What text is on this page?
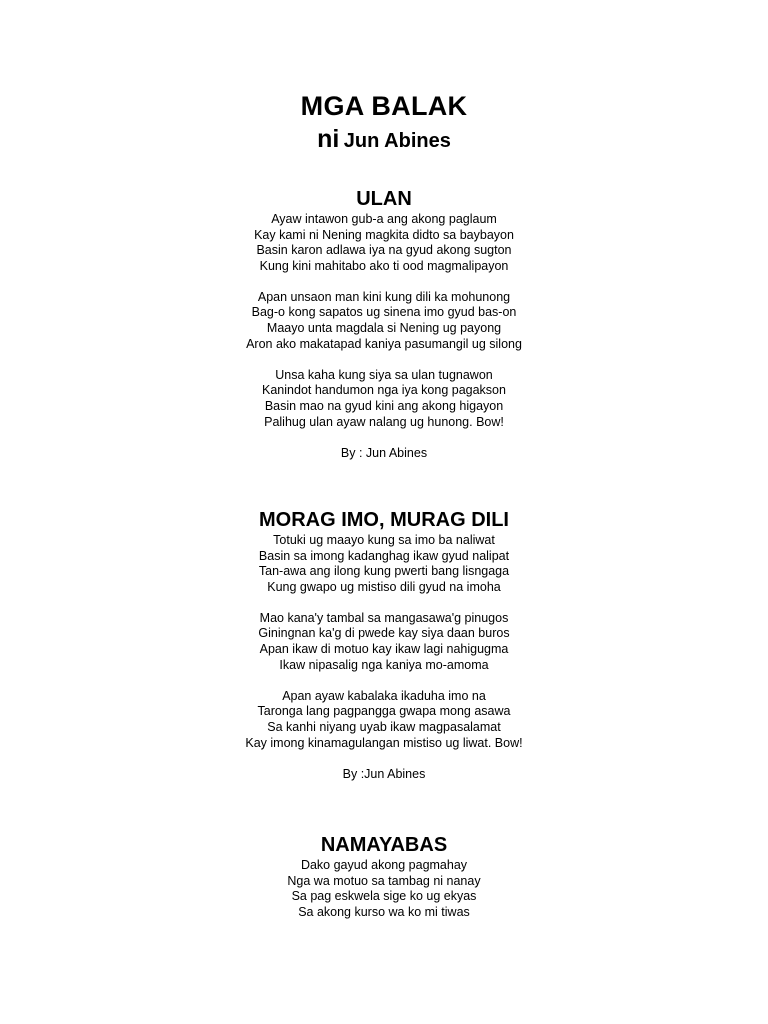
MGA BALAK
ni Jun Abines
ULAN
Ayaw intawon gub-a ang akong paglaum
Kay kami ni Nening magkita didto sa baybayon
Basin karon adlawa iya na gyud akong sugton
Kung kini mahitabo ako ti ood magmalipayon
Apan unsaon man kini kung dili ka mohunong
Bag-o kong sapatos ug sinena imo gyud bas-on
Maayo unta magdala si Nening ug payong
Aron ako makatapad kaniya pasumangil ug silong
Unsa kaha kung siya sa ulan tugnawon
Kanindot handumon nga iya kong pagakson
Basin mao na gyud kini ang akong higayon
Palihug ulan ayaw nalang ug hunong. Bow!
By : Jun Abines
MORAG IMO, MURAG DILI
Totuki ug maayo kung sa imo ba naliwat
Basin sa imong kadanghag ikaw gyud nalipat
Tan-awa ang ilong kung pwerti bang lisngaga
Kung gwapo ug mistiso dili gyud na imoha
Mao kana'y tambal sa mangasawa'g pinugos
Giningnan ka'g di pwede kay siya daan buros
Apan ikaw di motuo kay ikaw lagi nahigugma
Ikaw nipasalig nga kaniya mo-amoma
Apan ayaw kabalaka ikaduha imo na
Taronga lang pagpangga gwapa mong asawa
Sa kanhi niyang uyab ikaw magpasalamat
Kay imong kinamagulangan mistiso ug liwat. Bow!
By :Jun Abines
NAMAYABAS
Dako gayud akong pagmahay
Nga wa motuo sa tambag ni nanay
Sa pag eskwela sige ko ug ekyas
Sa akong kurso wa ko mi tiwas
